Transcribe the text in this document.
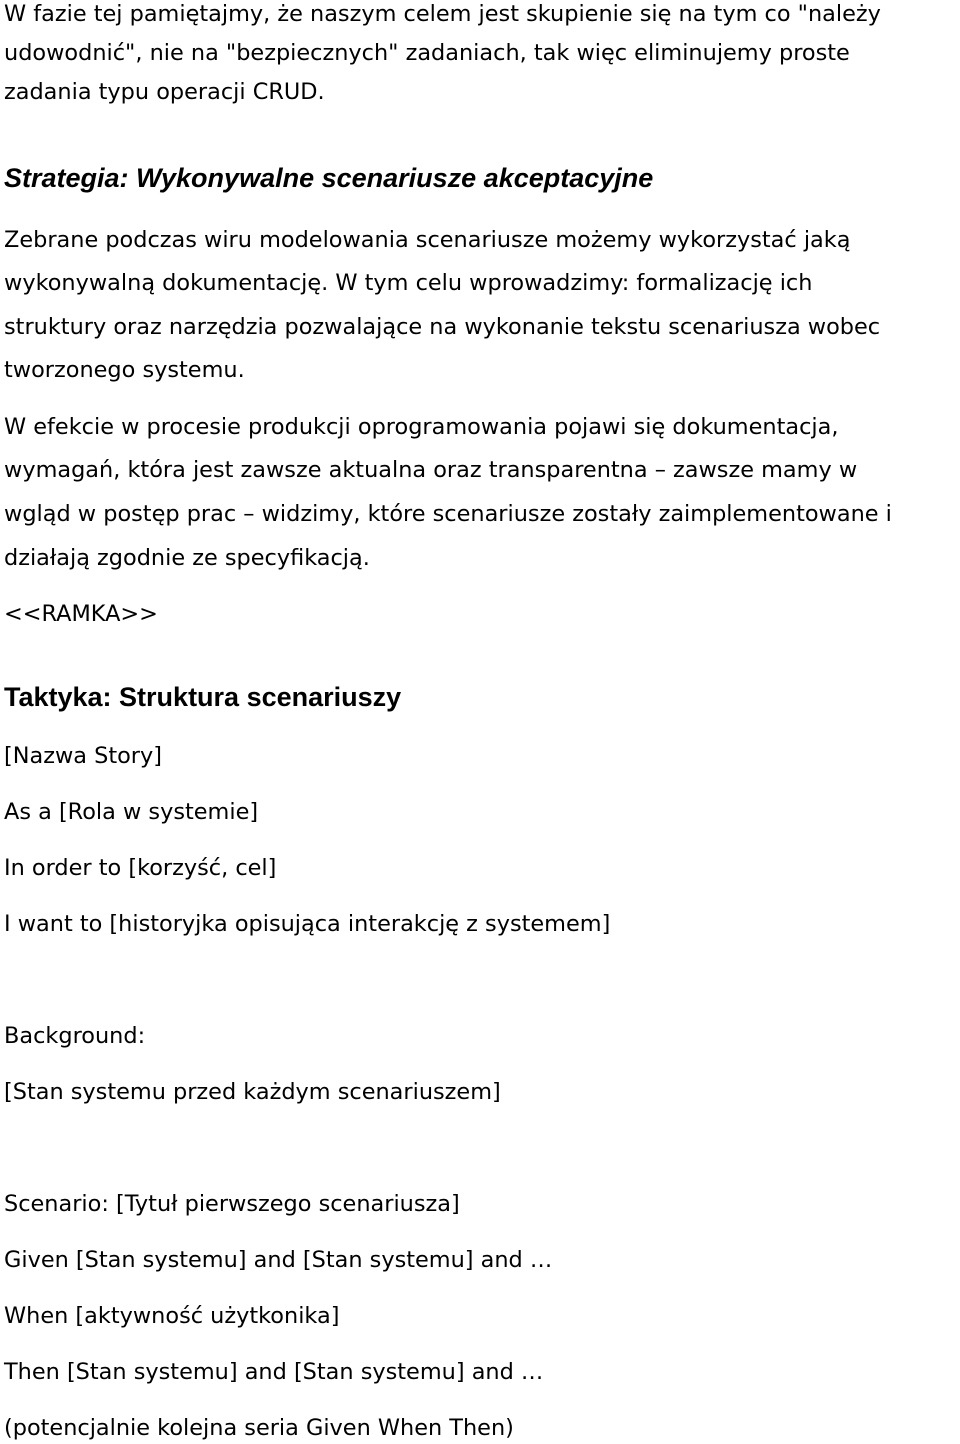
W fazie tej pamiętajmy, że naszym celem jest skupienie się na tym co "należy

udowodnić", nie na "bezpiecznych" zadaniach, tak więc eliminujemy proste

zadania typu operacji CRUD.

Strategia: Wykonywalne scenariusze akceptacyjne

Zebrane podczas wiru modelowania scenariusze możemy wykorzystać jaką

wykonywalną dokumentację. W tym celu wprowadzimy: formalizację ich

struktury oraz narzędzia pozwalające na wykonanie tekstu scenariusza wobec

tworzonego systemu.

W efekcie w procesie produkcji oprogramowania pojawi się dokumentacja,

wymagań, która jest zawsze aktualna oraz transparentna – zawsze mamy w

wgląd w postęp prac – widzimy, które scenariusze zostały zaimplementowane i

działają zgodnie ze specyfikacją.

<<RAMKA>>

Taktyka: Struktura scenariuszy

[Nazwa Story]

As a [Rola w systemie]

In order to [korzyść, cel]

I want to [historyjka opisująca interakcję z systemem]

Background:

[Stan systemu przed każdym scenariuszem]

Scenario: [Tytuł pierwszego scenariusza]

Given [Stan systemu] and [Stan systemu] and …

When [aktywność użytkonika]

Then [Stan systemu] and [Stan systemu] and …

(potencjalnie kolejna seria Given When Then)
